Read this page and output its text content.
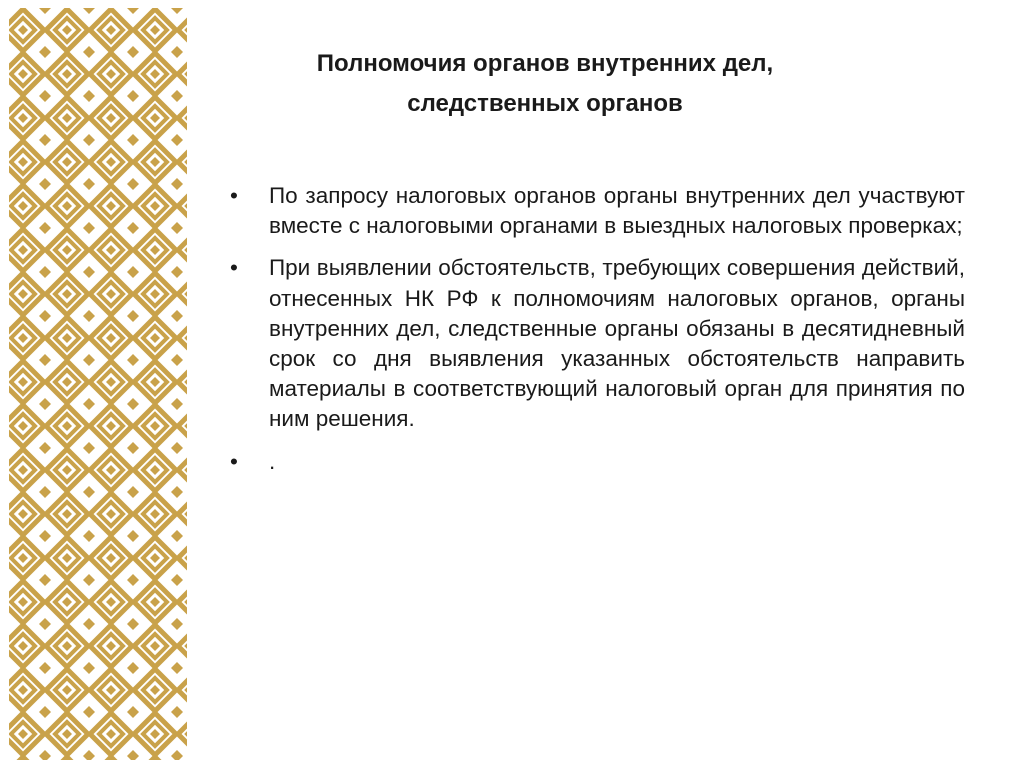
Полномочия органов внутренних дел,
следственных органов
•	По запросу налоговых органов органы внутренних дел участвуют вместе с налоговыми органами в выездных налоговых проверках;
•	При выявлении обстоятельств, требующих совершения действий, отнесенных НК РФ к полномочиям налоговых органов, органы внутренних дел, следственные органы обязаны в десятидневный срок со дня выявления указанных обстоятельств направить материалы в соответствующий налоговый орган для принятия по ним решения.
•	.
